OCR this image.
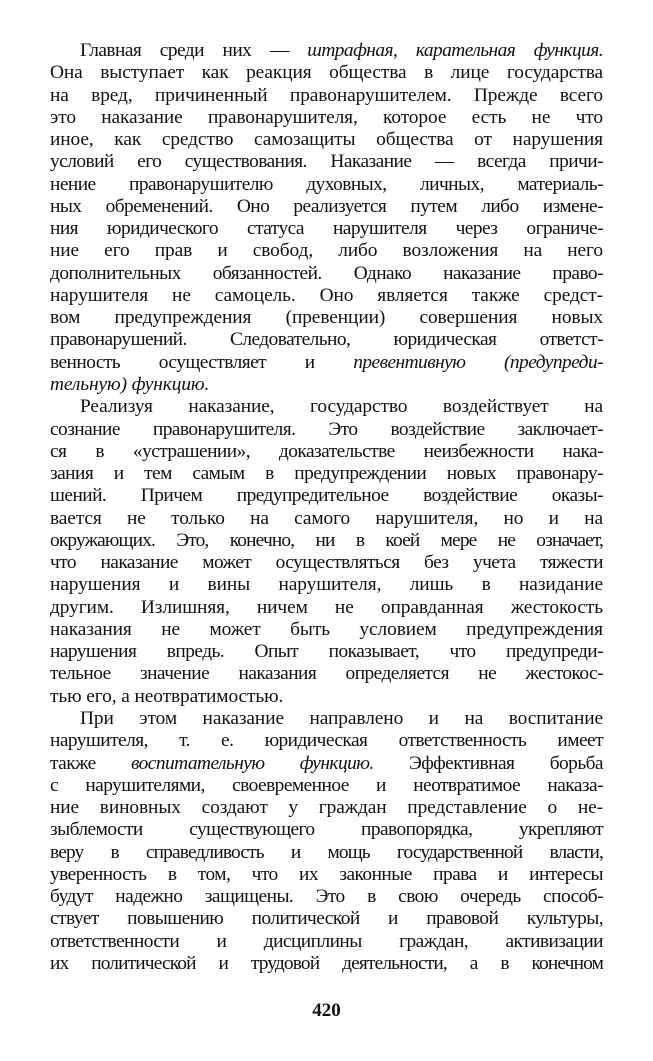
Главная среди них — штрафная, карательная функция.
Она выступает как реакция общества в лице государства
на вред, причиненный правонарушителем. Прежде всего
это наказание правонарушителя, которое есть не что
иное, как средство самозащиты общества от нарушения
условий его существования. Наказание — всегда причи-
нение правонарушителю духовных, личных, материаль-
ных обременений. Оно реализуется путем либо измене-
ния юридического статуса нарушителя через ограниче-
ние его прав и свобод, либо возложения на него
дополнительных обязанностей. Однако наказание право-
нарушителя не самоцель. Оно является также средст-
вом предупреждения (превенции) совершения новых
правонарушений. Следовательно, юридическая ответст-
венность осуществляет и превентивную (предупреди-
тельную) функцию.
Реализуя наказание, государство воздействует на
сознание правонарушителя. Это воздействие заключает-
ся в «устрашении», доказательстве неизбежности нака-
зания и тем самым в предупреждении новых правонару-
шений. Причем предупредительное воздействие оказы-
вается не только на самого нарушителя, но и на
окружающих. Это, конечно, ни в коей мере не означает,
что наказание может осуществляться без учета тяжести
нарушения и вины нарушителя, лишь в назидание
другим. Излишняя, ничем не оправданная жестокость
наказания не может быть условием предупреждения
нарушения впредь. Опыт показывает, что предупреди-
тельное значение наказания определяется не жестокос-
тью его, а неотвратимостью.
При этом наказание направлено и на воспитание
нарушителя, т. е. юридическая ответственность имеет
также воспитательную функцию. Эффективная борьба
с нарушителями, своевременное и неотвратимое наказа-
ние виновных создают у граждан представление о не-
зыблемости существующего правопорядка, укрепляют
веру в справедливость и мощь государственной власти,
уверенность в том, что их законные права и интересы
будут надежно защищены. Это в свою очередь способ-
ствует повышению политической и правовой культуры,
ответственности и дисциплины граждан, активизации
их политической и трудовой деятельности, а в конечном
420
